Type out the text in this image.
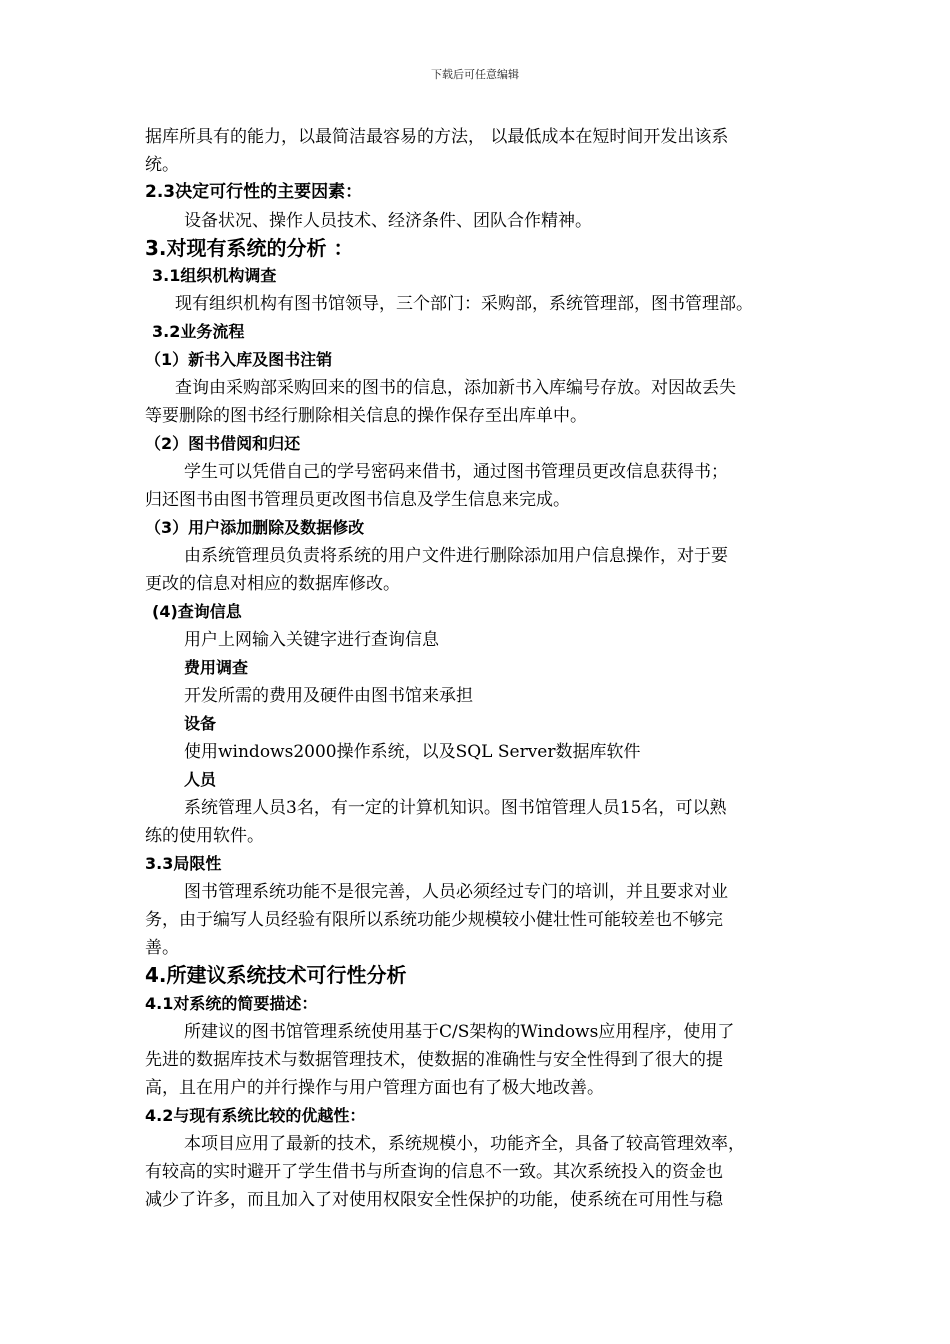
下载后可任意编辑
据库所具有的能力，以最简洁最容易的方法， 以最低成本在短时间开发出该系
统。
2.3决定可行性的主要因素：
设备状况、操作人员技术、经济条件、团队合作精神。
3.对现有系统的分析 ：
3.1组织机构调查
现有组织机构有图书馆领导，三个部门：采购部，系统管理部，图书管理部。
3.2业务流程
（1）新书入库及图书注销
查询由采购部采购回来的图书的信息，添加新书入库编号存放。对因故丢失
等要删除的图书经行删除相关信息的操作保存至出库单中。
（2）图书借阅和归还
学生可以凭借自己的学号密码来借书，通过图书管理员更改信息获得书；
归还图书由图书管理员更改图书信息及学生信息来完成。
（3）用户添加删除及数据修改
由系统管理员负责将系统的用户文件进行删除添加用户信息操作，对于要
更改的信息对相应的数据库修改。
(4)查询信息
用户上网输入关键字进行查询信息
费用调查
开发所需的费用及硬件由图书馆来承担
设备
使用windows2000操作系统，以及SQL Server数据库软件
人员
系统管理人员3名，有一定的计算机知识。图书馆管理人员15名，可以熟
练的使用软件。
3.3局限性
图书管理系统功能不是很完善，人员必须经过专门的培训，并且要求对业
务，由于编写人员经验有限所以系统功能少规模较小健壮性可能较差也不够完
善。
4.所建议系统技术可行性分析
4.1对系统的简要描述：
所建议的图书馆管理系统使用基于C/S架构的Windows应用程序，使用了
先进的数据库技术与数据管理技术，使数据的准确性与安全性得到了很大的提
高，且在用户的并行操作与用户管理方面也有了极大地改善。
4.2与现有系统比较的优越性：
本项目应用了最新的技术，系统规模小，功能齐全，具备了较高管理效率，
有较高的实时避开了学生借书与所查询的信息不一致。其次系统投入的资金也
减少了许多，而且加入了对使用权限安全性保护的功能，使系统在可用性与稳
